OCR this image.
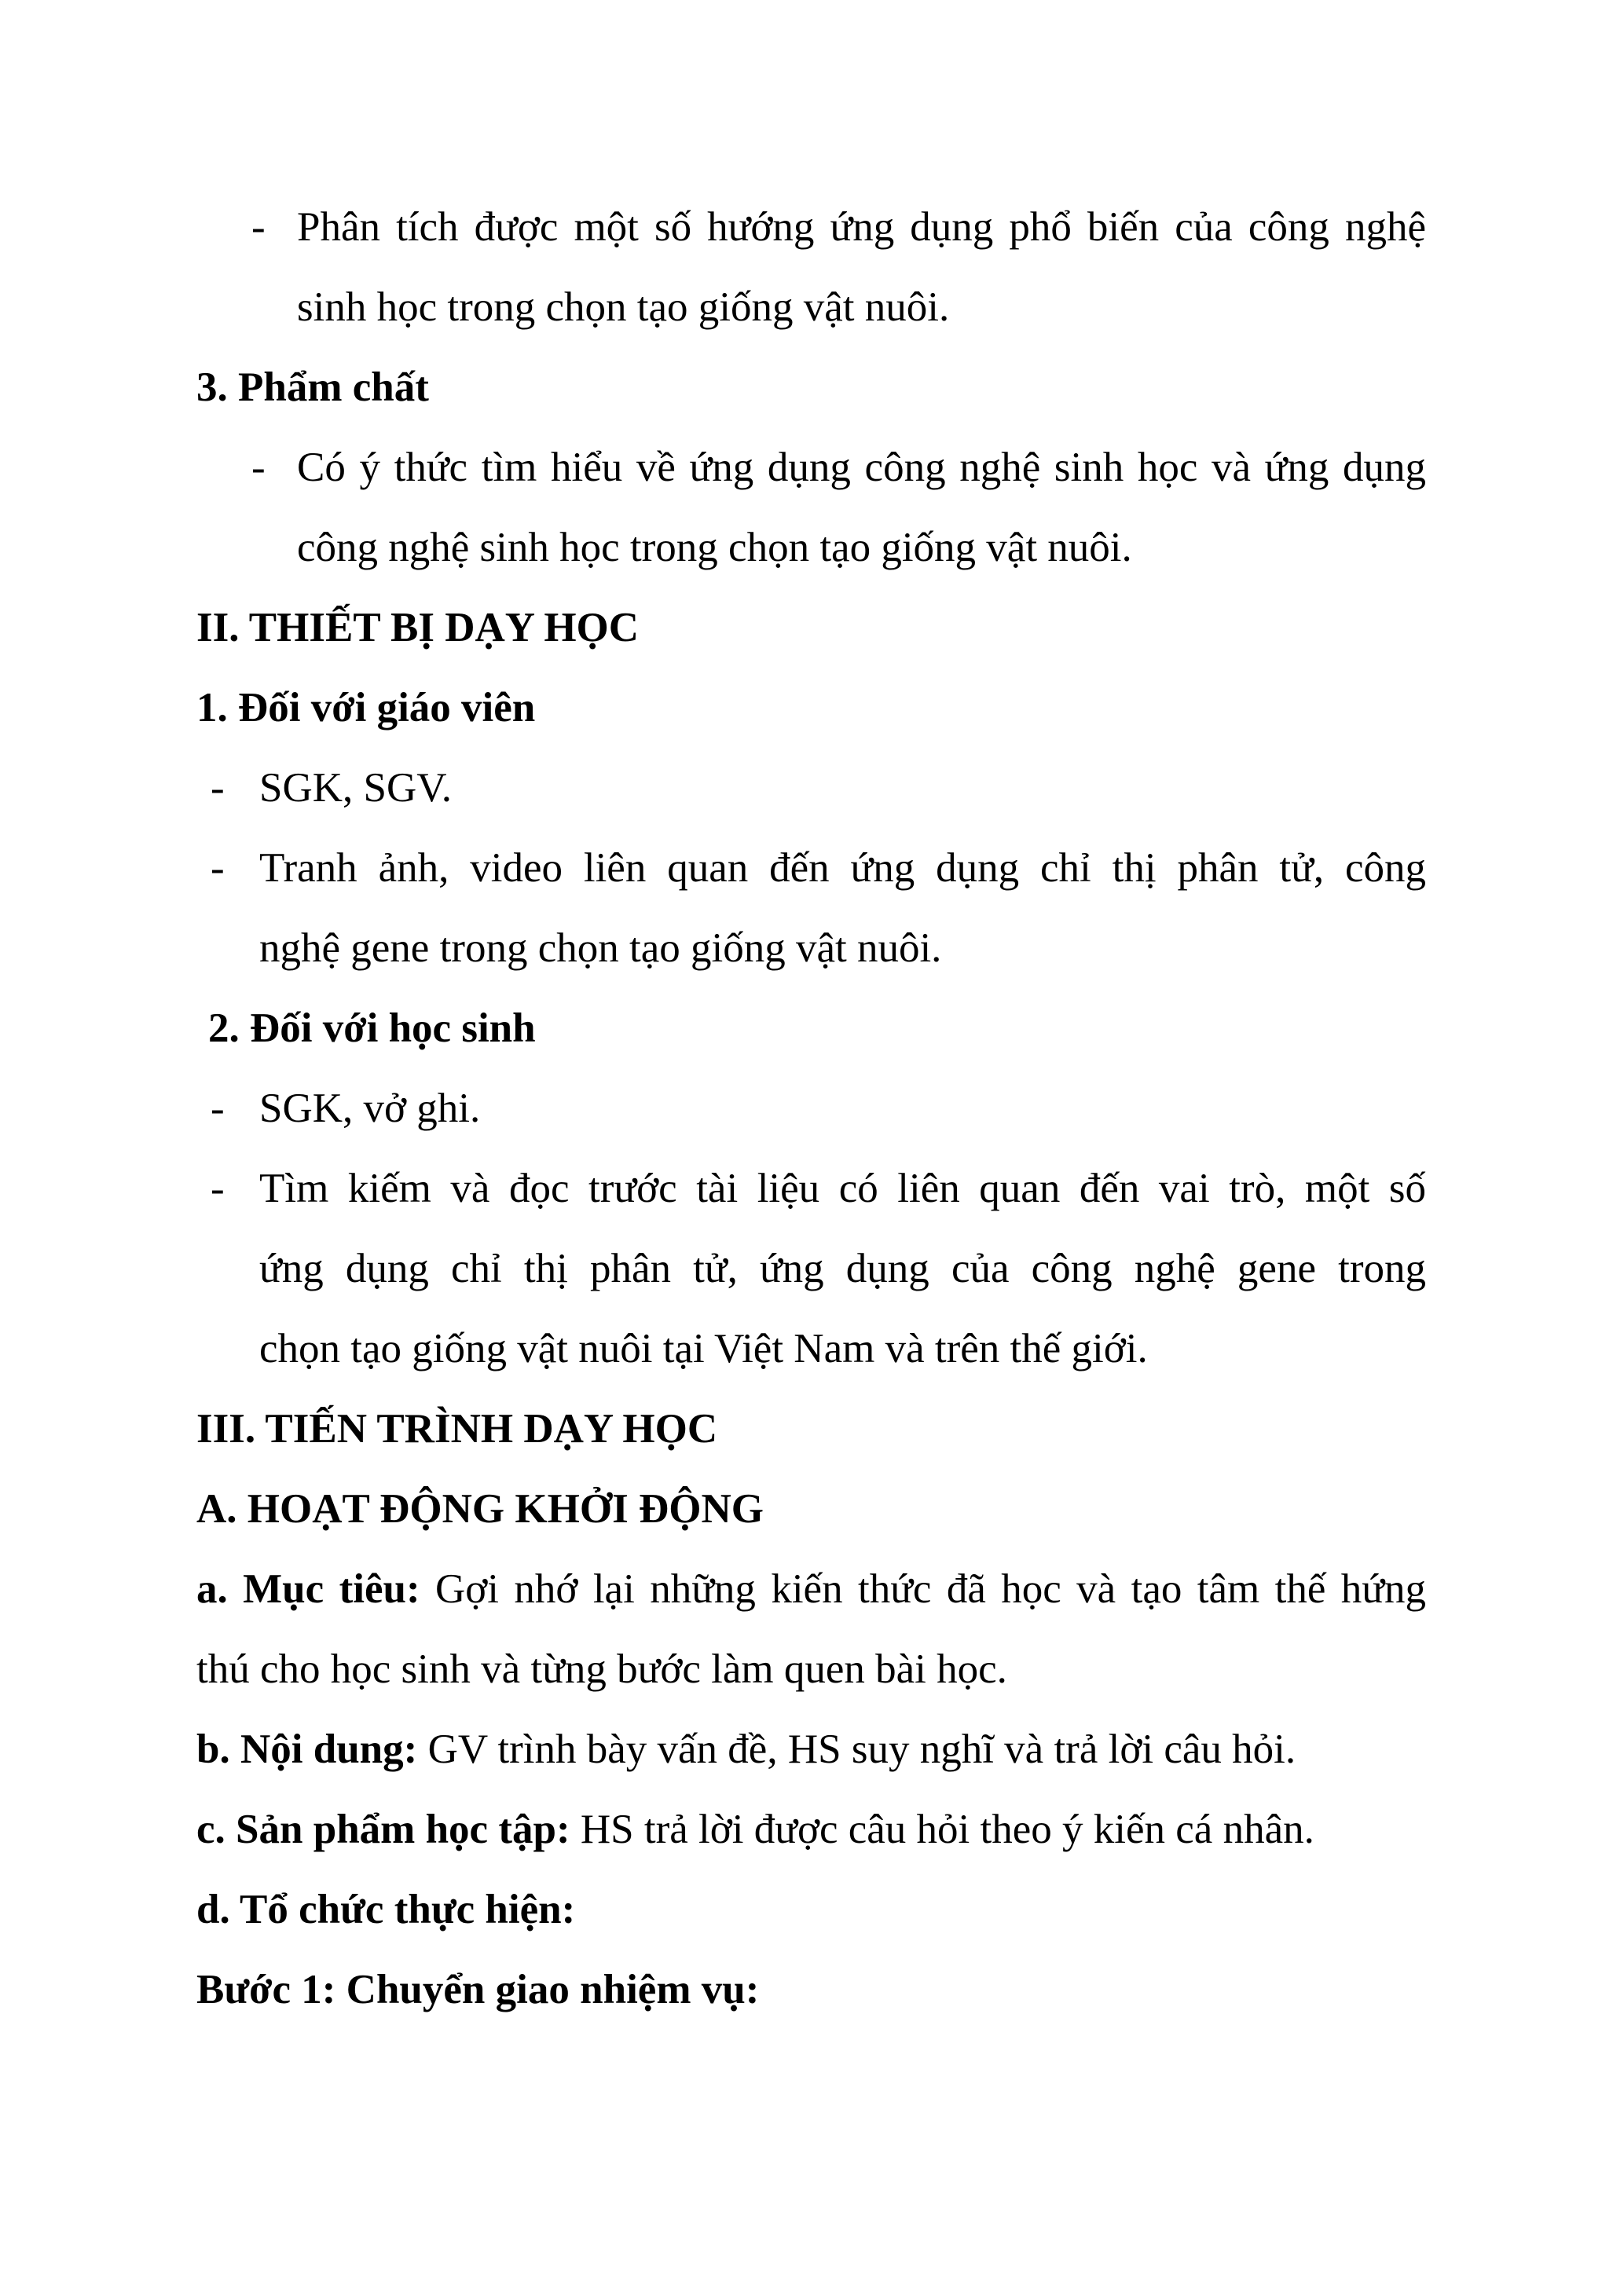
- Phân tích được một số hướng ứng dụng phổ biến của công nghệ
sinh học trong chọn tạo giống vật nuôi.
3. Phẩm chất
- Có ý thức tìm hiểu về ứng dụng công nghệ sinh học và ứng dụng
công nghệ sinh học trong chọn tạo giống vật nuôi.
II. THIẾT BỊ DẠY HỌC
1. Đối với giáo viên
- SGK, SGV.
- Tranh ảnh, video liên quan đến ứng dụng chỉ thị phân tử, công
nghệ gene trong chọn tạo giống vật nuôi.
2. Đối với học sinh
- SGK, vở ghi.
- Tìm kiếm và đọc trước tài liệu có liên quan đến vai trò, một số
ứng dụng chỉ thị phân tử, ứng dụng của công nghệ gene trong
chọn tạo giống vật nuôi tại Việt Nam và trên thế giới.
III. TIẾN TRÌNH DẠY HỌC
A. HOẠT ĐỘNG KHỞI ĐỘNG
a. Mục tiêu: Gợi nhớ lại những kiến thức đã học và tạo tâm thế hứng
thú cho học sinh và từng bước làm quen bài học.
b. Nội dung: GV trình bày vấn đề, HS suy nghĩ và trả lời câu hỏi.
c. Sản phẩm học tập: HS trả lời được câu hỏi theo ý kiến cá nhân.
d. Tổ chức thực hiện:
Bước 1: Chuyển giao nhiệm vụ:
